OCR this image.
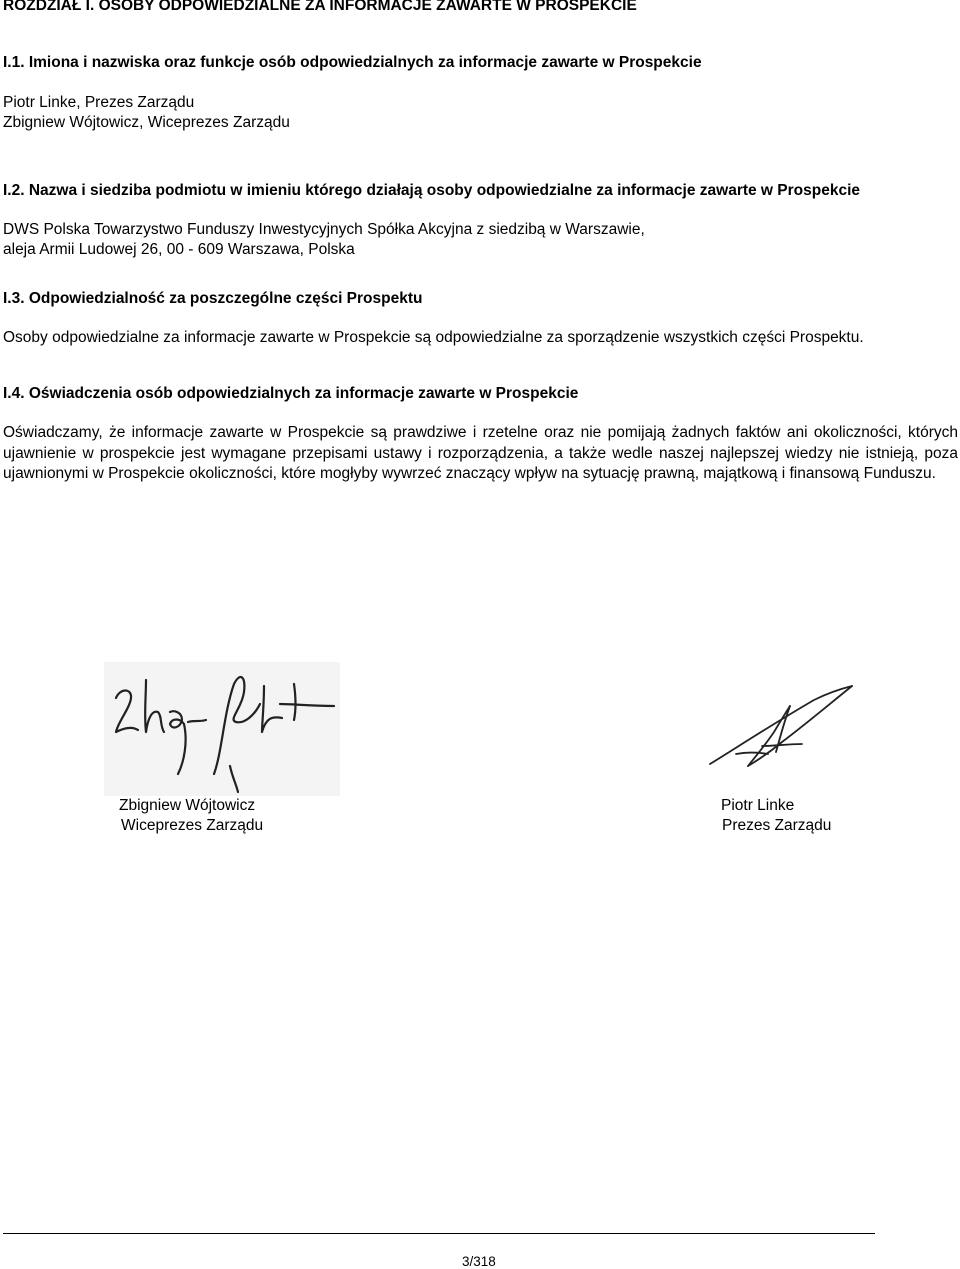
ROZDZIAŁ I. OSOBY ODPOWIEDZIALNE ZA INFORMACJE ZAWARTE W PROSPEKCIE

I.1. Imiona i nazwiska oraz funkcje osób odpowiedzialnych za informacje zawarte w Prospekcie

Piotr Linke, Prezes Zarządu

Zbigniew Wójtowicz, Wiceprezes Zarządu

I.2. Nazwa i siedziba podmiotu w imieniu którego działają osoby odpowiedzialne za informacje zawarte w Prospekcie

DWS Polska Towarzystwo Funduszy Inwestycyjnych Spółka Akcyjna z siedzibą w Warszawie,

aleja Armii Ludowej 26, 00 - 609 Warszawa, Polska

I.3. Odpowiedzialność za poszczególne części Prospektu

Osoby odpowiedzialne za informacje zawarte w Prospekcie są odpowiedzialne za sporządzenie wszystkich części Prospektu.

I.4. Oświadczenia osób odpowiedzialnych za informacje zawarte w Prospekcie

Oświadczamy, że informacje zawarte w Prospekcie są prawdziwe i rzetelne oraz nie pomijają żadnych faktów ani okoliczności, których ujawnienie w prospekcie jest wymagane przepisami ustawy i rozporządzenia, a także wedle naszej najlepszej wiedzy nie istnieją, poza ujawnionymi w Prospekcie okoliczności, które mogłyby wywrzeć znaczący wpływ na sytuację prawną, majątkową i finansową Funduszu.

Zbigniew Wójtowicz

Wiceprezes Zarządu

Piotr Linke

Prezes Zarządu

3/318
